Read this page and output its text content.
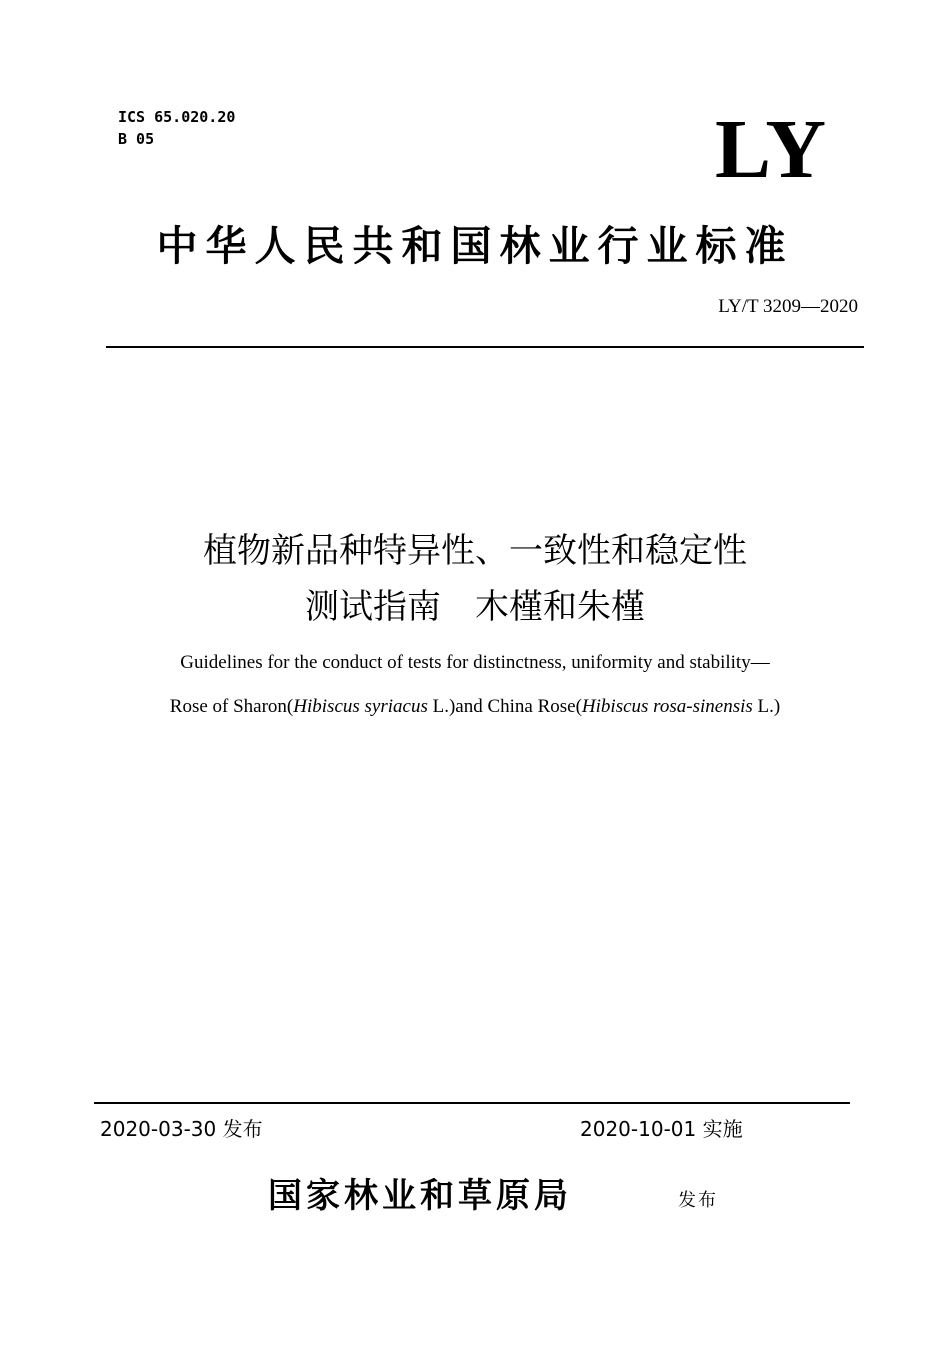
ICS 65.020.20
B 05	LY
中华人民共和国林业行业标准
LY/T 3209—2020
植物新品种特异性、一致性和稳定性
测试指南　木槿和朱槿
Guidelines for the conduct of tests for distinctness, uniformity and stability—
Rose of Sharon(Hibiscus syriacus L.)and China Rose(Hibiscus rosa-sinensis L.)
2020-03-30 发布	2020-10-01 实施
国家林业和草原局	发布
